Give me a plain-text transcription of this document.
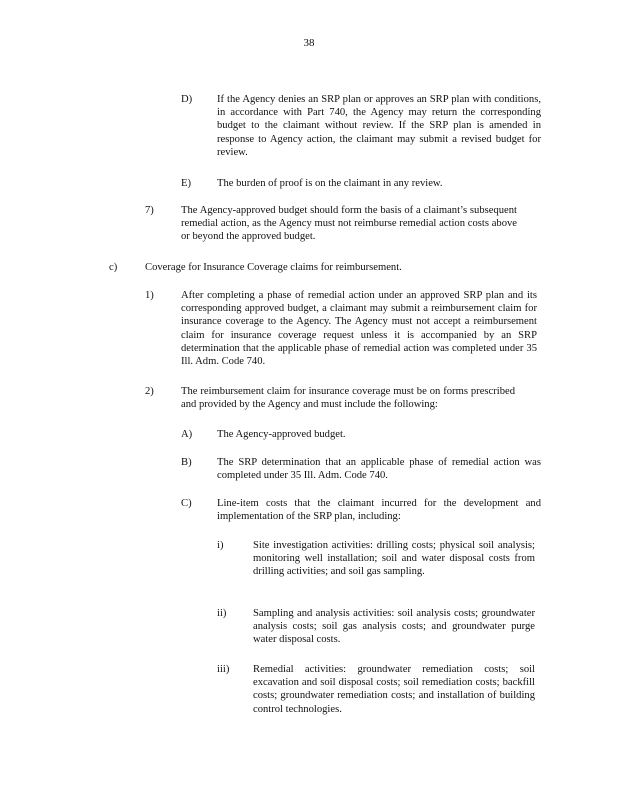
38
D) If the Agency denies an SRP plan or approves an SRP plan with conditions, in accordance with Part 740, the Agency may return the corresponding budget to the claimant without review. If the SRP plan is amended in response to Agency action, the claimant may submit a revised budget for review.
E) The burden of proof is on the claimant in any review.
7)	The Agency-approved budget should form the basis of a claimant’s subsequent remedial action, as the Agency must not reimburse remedial action costs above or beyond the approved budget.
c)	Coverage for Insurance Coverage claims for reimbursement.
1)	After completing a phase of remedial action under an approved SRP plan and its corresponding approved budget, a claimant may submit a reimbursement claim for insurance coverage to the Agency. The Agency must not accept a reimbursement claim for insurance coverage request unless it is accompanied by an SRP determination that the applicable phase of remedial action was completed under 35 Ill. Adm. Code 740.
2)	The reimbursement claim for insurance coverage must be on forms prescribed and provided by the Agency and must include the following:
A) The Agency-approved budget.
B) The SRP determination that an applicable phase of remedial action was completed under 35 Ill. Adm. Code 740.
C) Line-item costs that the claimant incurred for the development and implementation of the SRP plan, including:
i)	Site investigation activities: drilling costs; physical soil analysis; monitoring well installation; soil and water disposal costs from drilling activities; and soil gas sampling.
ii)	Sampling and analysis activities: soil analysis costs; groundwater analysis costs; soil gas analysis costs; and groundwater purge water disposal costs.
iii) Remedial activities: groundwater remediation costs; soil excavation and soil disposal costs; soil remediation costs; backfill costs; groundwater remediation costs; and installation of building control technologies.
